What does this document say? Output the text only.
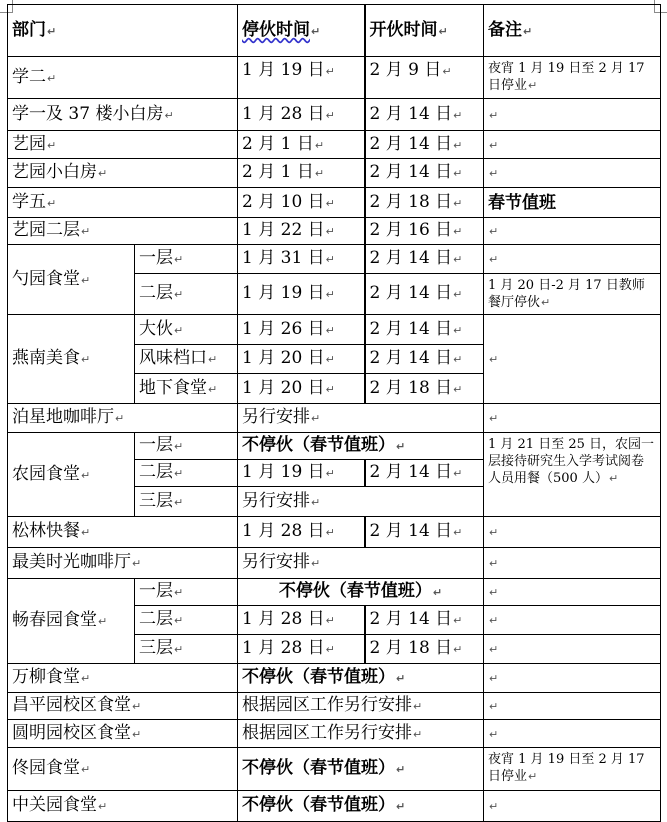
部门↵		停伙时间↵	开伙时间↵	备注↵
学二↵		1 月 19 日↵	2 月 9 日↵	夜宵 1 月 19 日至 2 月 17 日停业↵
学一及 37 楼小白房↵		1 月 28 日↵	2 月 14 日↵	↵
艺园↵		2 月 1 日↵	2 月 14 日↵	↵
艺园小白房↵		2 月 1 日↵	2 月 14 日↵	↵
学五↵		2 月 10 日↵	2 月 18 日↵	春节值班
艺园二层↵		1 月 22 日↵	2 月 16 日↵	↵
勺园食堂↵	一层↵	1 月 31 日↵	2 月 14 日↵	↵
	二层↵	1 月 19 日↵	2 月 14 日↵	1 月 20 日-2 月 17 日教师餐厅停伙↵
燕南美食↵	大伙↵	1 月 26 日↵	2 月 14 日↵	↵
	风味档口↵	1 月 20 日↵	2 月 14 日↵	
	地下食堂↵	1 月 20 日↵	2 月 18 日↵	
泊星地咖啡厅↵		另行安排↵		↵
农园食堂↵	一层↵	不停伙（春节值班）↵		1 月 21 日至 25 日，农园一层接待研究生入学考试阅卷人员用餐（500 人）↵
	二层↵	1 月 19 日↵	2 月 14 日↵	
	三层↵	另行安排↵		
松林快餐↵		1 月 28 日↵	2 月 14 日↵	↵
最美时光咖啡厅↵		另行安排↵		↵
畅春园食堂↵	一层↵	不停伙（春节值班）↵		↵
	二层↵	1 月 28 日↵	2 月 14 日↵	↵
	三层↵	1 月 28 日↵	2 月 18 日↵	↵
万柳食堂↵		不停伙（春节值班）↵		↵
昌平园校区食堂↵		根据园区工作另行安排↵		↵
圆明园校区食堂↵		根据园区工作另行安排↵		↵
佟园食堂↵		不停伙（春节值班）↵		夜宵 1 月 19 日至 2 月 17 日停业↵
中关园食堂↵		不停伙（春节值班）↵		↵
